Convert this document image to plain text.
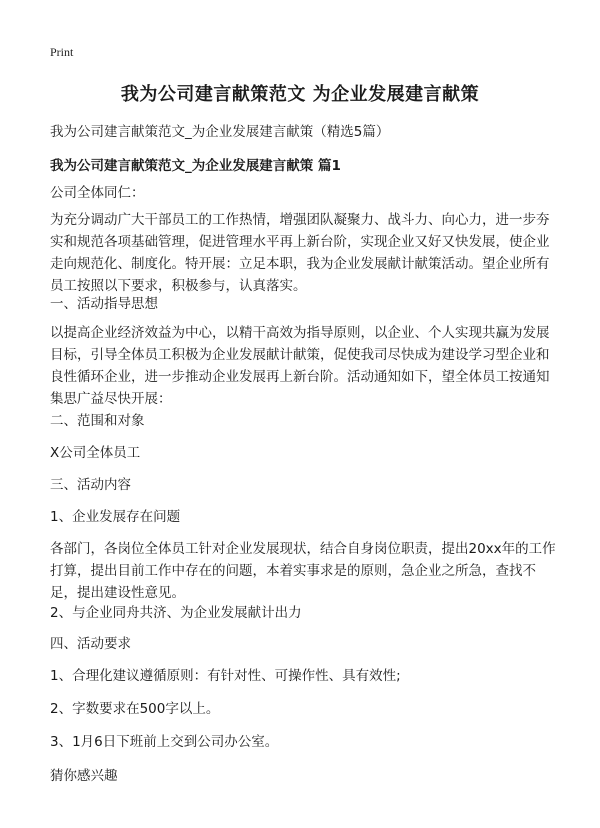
Print
我为公司建言献策范文 为企业发展建言献策
我为公司建言献策范文_为企业发展建言献策（精选5篇）
我为公司建言献策范文_为企业发展建言献策 篇1
公司全体同仁：
为充分调动广大干部员工的工作热情，增强团队凝聚力、战斗力、向心力，进一步夯实和规范各项基础管理，促进管理水平再上新台阶，实现企业又好又快发展，使企业走向规范化、制度化。特开展：立足本职，我为企业发展献计献策活动。望企业所有员工按照以下要求，积极参与，认真落实。
一、活动指导思想
以提高企业经济效益为中心，以精干高效为指导原则，以企业、个人实现共赢为发展目标，引导全体员工积极为企业发展献计献策，促使我司尽快成为建设学习型企业和良性循环企业，进一步推动企业发展再上新台阶。活动通知如下，望全体员工按通知集思广益尽快开展：
二、范围和对象
X公司全体员工
三、活动内容
1、企业发展存在问题
各部门，各岗位全体员工针对企业发展现状，结合自身岗位职责，提出20xx年的工作打算，提出目前工作中存在的问题，本着实事求是的原则，急企业之所急，查找不足，提出建设性意见。
2、与企业同舟共济、为企业发展献计出力
四、活动要求
1、合理化建议遵循原则：有针对性、可操作性、具有效性;
2、字数要求在500字以上。
3、1月6日下班前上交到公司办公室。
猜你感兴趣
